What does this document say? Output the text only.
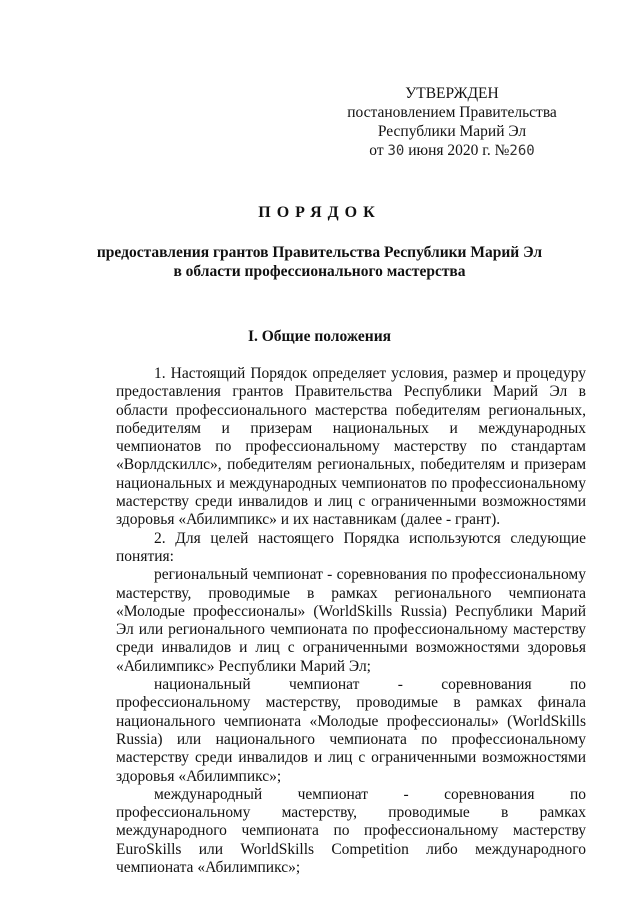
УТВЕРЖДЕН
постановлением Правительства
Республики Марий Эл
от 30 июня 2020 г. №260
ПОРЯДОК
предоставления грантов Правительства Республики Марий Эл
в области профессионального мастерства
I. Общие положения

1. Настоящий Порядок определяет условия, размер и процедуру предоставления грантов Правительства Республики Марий Эл в области профессионального мастерства победителям региональных, победителям и призерам национальных и международных чемпионатов по профессиональному мастерству по стандартам «Ворлдскиллс», победителям региональных, победителям и призерам национальных и международных чемпионатов по профессиональному мастерству среди инвалидов и лиц с ограниченными возможностями здоровья «Абилимпикс» и их наставникам (далее - грант).

2. Для целей настоящего Порядка используются следующие понятия:

региональный чемпионат - соревнования по профессиональному мастерству, проводимые в рамках регионального чемпионата «Молодые профессионалы» (WorldSkills Russia) Республики Марий Эл или регионального чемпионата по профессиональному мастерству среди инвалидов и лиц с ограниченными возможностями здоровья «Абилимпикс» Республики Марий Эл;

национальный чемпионат - соревнования по профессиональному мастерству, проводимые в рамках финала национального чемпионата «Молодые профессионалы» (WorldSkills Russia) или национального чемпионата по профессиональному мастерству среди инвалидов и лиц с ограниченными возможностями здоровья «Абилимпикс»;

международный чемпионат - соревнования по профессиональному мастерству, проводимые в рамках международного чемпионата по профессиональному мастерству EuroSkills или WorldSkills Competition либо международного чемпионата «Абилимпикс»;
